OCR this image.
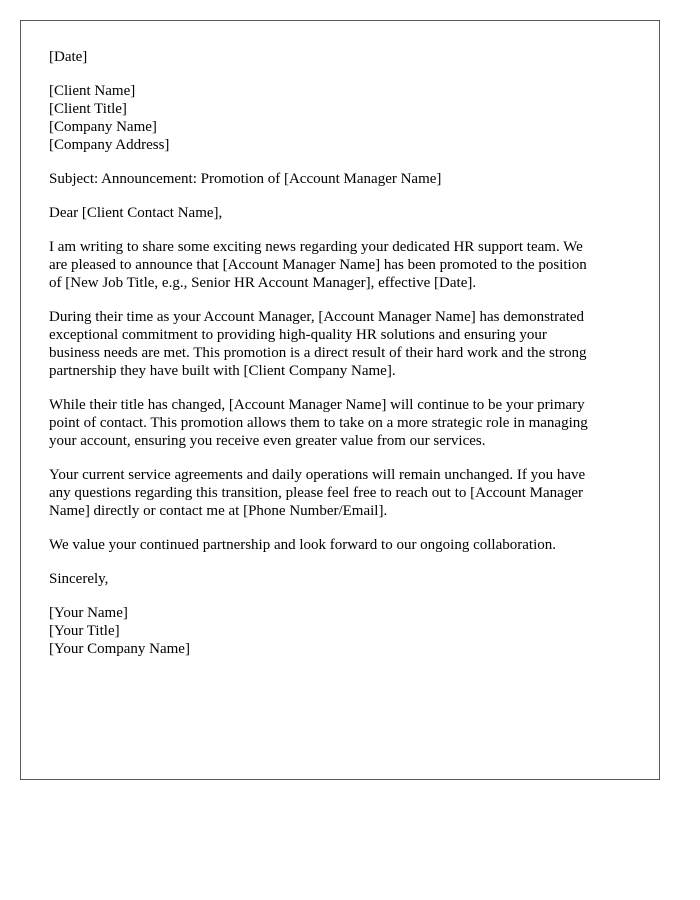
[Date]
[Client Name]
[Client Title]
[Company Name]
[Company Address]
Subject: Announcement: Promotion of [Account Manager Name]
Dear [Client Contact Name],
I am writing to share some exciting news regarding your dedicated HR support team. We
are pleased to announce that [Account Manager Name] has been promoted to the position
of [New Job Title, e.g., Senior HR Account Manager], effective [Date].
During their time as your Account Manager, [Account Manager Name] has demonstrated
exceptional commitment to providing high-quality HR solutions and ensuring your
business needs are met. This promotion is a direct result of their hard work and the strong
partnership they have built with [Client Company Name].
While their title has changed, [Account Manager Name] will continue to be your primary
point of contact. This promotion allows them to take on a more strategic role in managing
your account, ensuring you receive even greater value from our services.
Your current service agreements and daily operations will remain unchanged. If you have
any questions regarding this transition, please feel free to reach out to [Account Manager
Name] directly or contact me at [Phone Number/Email].
We value your continued partnership and look forward to our ongoing collaboration.
Sincerely,
[Your Name]
[Your Title]
[Your Company Name]
